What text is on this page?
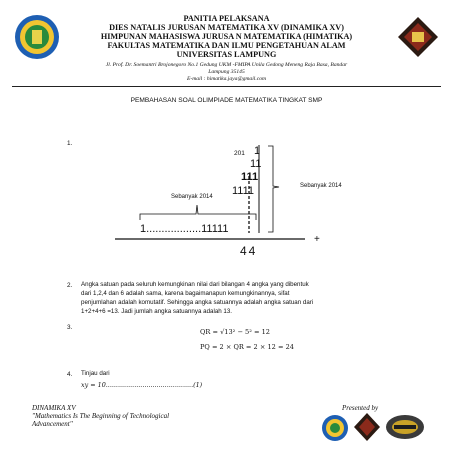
PANITIA PELAKSANA
DIES NATALIS JURUSAN MATEMATIKA XV (DINAMIKA XV)
HIMPUNAN MAHASISWA JURUSA N MATEMATIKA (HIMATIKA)
FAKULTAS MATEMATIKA DAN ILMU PENGETAHUAN ALAM
UNIVERSITAS LAMPUNG
Jl. Prof. Dr. Soemantri Brojonegoro No.1 Gedung UKM -FMIPA Unila Gedong Meneng Raja Basa, Bandar
Lampung 35145
E-mail : himatika.jaya@gmail.com
PEMBAHASAN SOAL OLIMPIADE MATEMATIKA TINGKAT SMP
1.
201 1
11
111
1111
1..................11111
Sebanyak 2014
Sebanyak 2014
+
44
2. Angka satuan pada seluruh kemungkinan nilai dari bilangan 4 angka yang dibentuk
dari 1,2,4 dan 6 adalah sama, karena bagaimanapun kemungkinannya, sifat
penjumlahan adalah komutatif. Sehingga angka satuannya adalah angka satuan dari
1+2+4+6 =13. Jadi jumlah angka satuannya adalah 13.
3.
QR = √13² − 5² = 12
PQ = 2 × QR = 2 × 12 = 24
4. Tinjau dari
xy = 10...........................................(1)
DINAMIKA XV
"Mathematics Is The Beginning of Technological
Advancement"
Presented by
